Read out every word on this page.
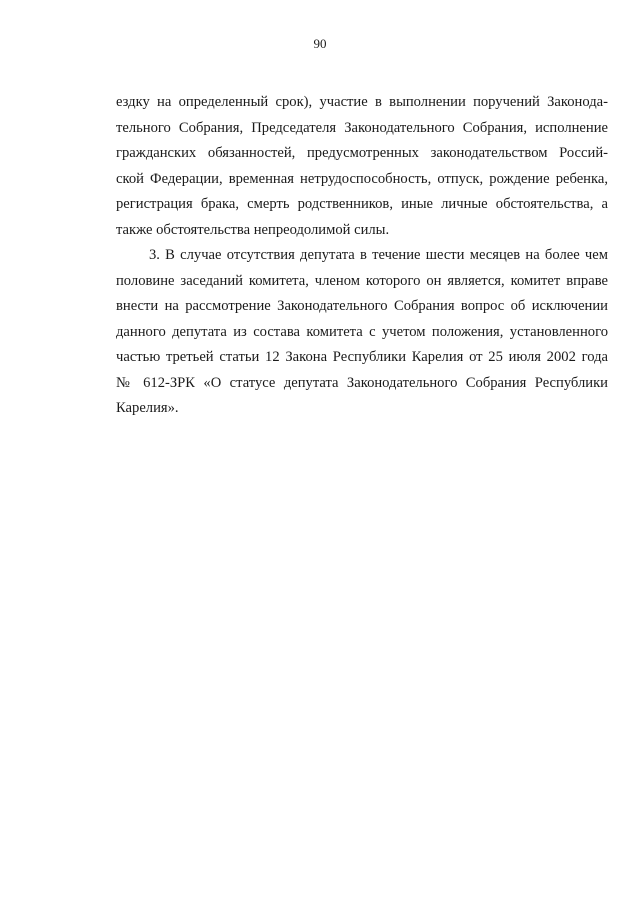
90
ездку на определенный срок), участие в выполнении поручений Законода-
тельного Собрания, Председателя Законодательного Собрания, исполнение
гражданских обязанностей, предусмотренных законодательством Россий-
ской Федерации, временная нетрудоспособность, отпуск, рождение ребенка,
регистрация брака, смерть родственников, иные личные обстоятельства, а
также обстоятельства непреодолимой силы.
3. В случае отсутствия депутата в течение шести месяцев на более чем
половине заседаний комитета, членом которого он является, комитет вправе
внести на рассмотрение Законодательного Собрания вопрос об исключении
данного депутата из состава комитета с учетом положения, установленного
частью третьей статьи 12 Закона Республики Карелия от 25 июля 2002 года
№ 612-ЗРК «О статусе депутата Законодательного Собрания Республики
Карелия».
